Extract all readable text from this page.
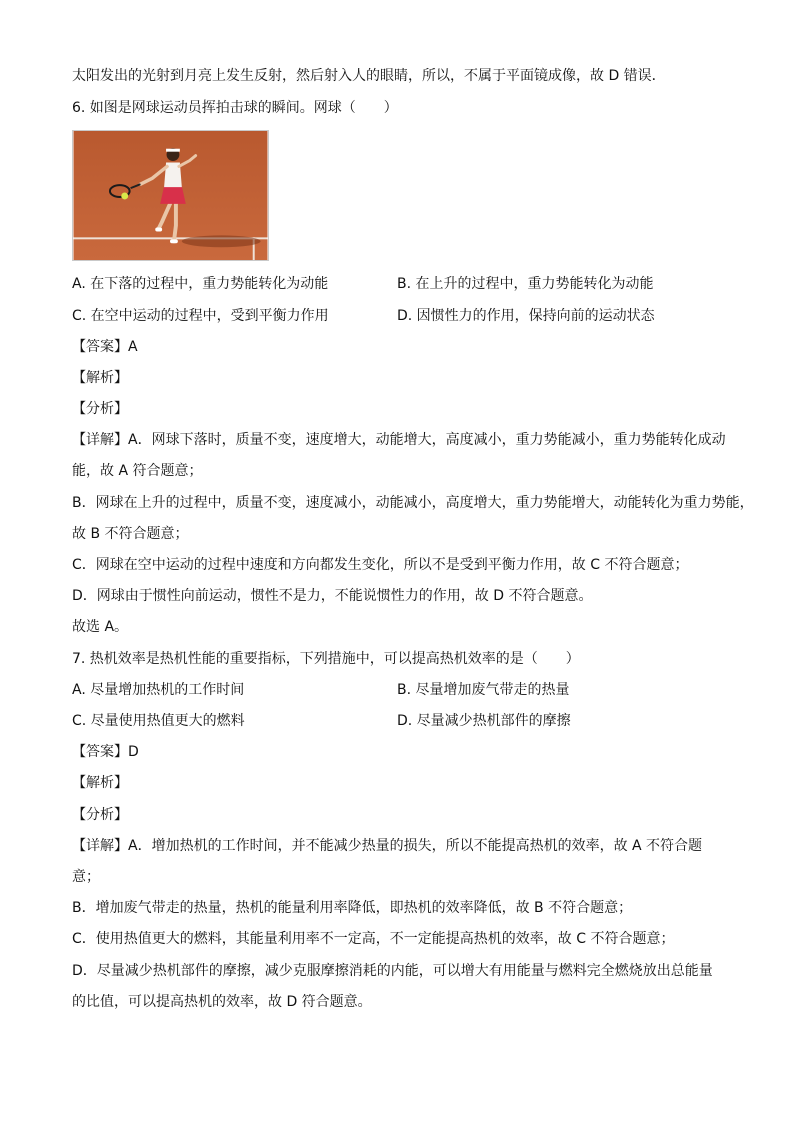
太阳发出的光射到月亮上发生反射，然后射入人的眼睛，所以，不属于平面镜成像，故 D 错误．
6. 如图是网球运动员挥拍击球的瞬间。网球（　　）
A. 在下落的过程中，重力势能转化为动能	B. 在上升的过程中，重力势能转化为动能
C. 在空中运动的过程中，受到平衡力作用	D. 因惯性力的作用，保持向前的运动状态
【答案】A
【解析】
【分析】
【详解】A．网球下落时，质量不变，速度增大，动能增大，高度减小，重力势能减小，重力势能转化成动
能，故 A 符合题意；
B．网球在上升的过程中，质量不变，速度减小，动能减小，高度增大，重力势能增大，动能转化为重力势能，
故 B 不符合题意；
C．网球在空中运动的过程中速度和方向都发生变化，所以不是受到平衡力作用，故 C 不符合题意；
D．网球由于惯性向前运动，惯性不是力，不能说惯性力的作用，故 D 不符合题意。
故选 A。
7. 热机效率是热机性能的重要指标，下列措施中，可以提高热机效率的是（　　）
A. 尽量增加热机的工作时间	B. 尽量增加废气带走的热量
C. 尽量使用热值更大的燃料	D. 尽量减少热机部件的摩擦
【答案】D
【解析】
【分析】
【详解】A．增加热机的工作时间，并不能减少热量的损失，所以不能提高热机的效率，故 A 不符合题
意；
B．增加废气带走的热量，热机的能量利用率降低，即热机的效率降低，故 B 不符合题意；
C．使用热值更大的燃料，其能量利用率不一定高，不一定能提高热机的效率，故 C 不符合题意；
D．尽量减少热机部件的摩擦，减少克服摩擦消耗的内能，可以增大有用能量与燃料完全燃烧放出总能量
的比值，可以提高热机的效率，故 D 符合题意。
